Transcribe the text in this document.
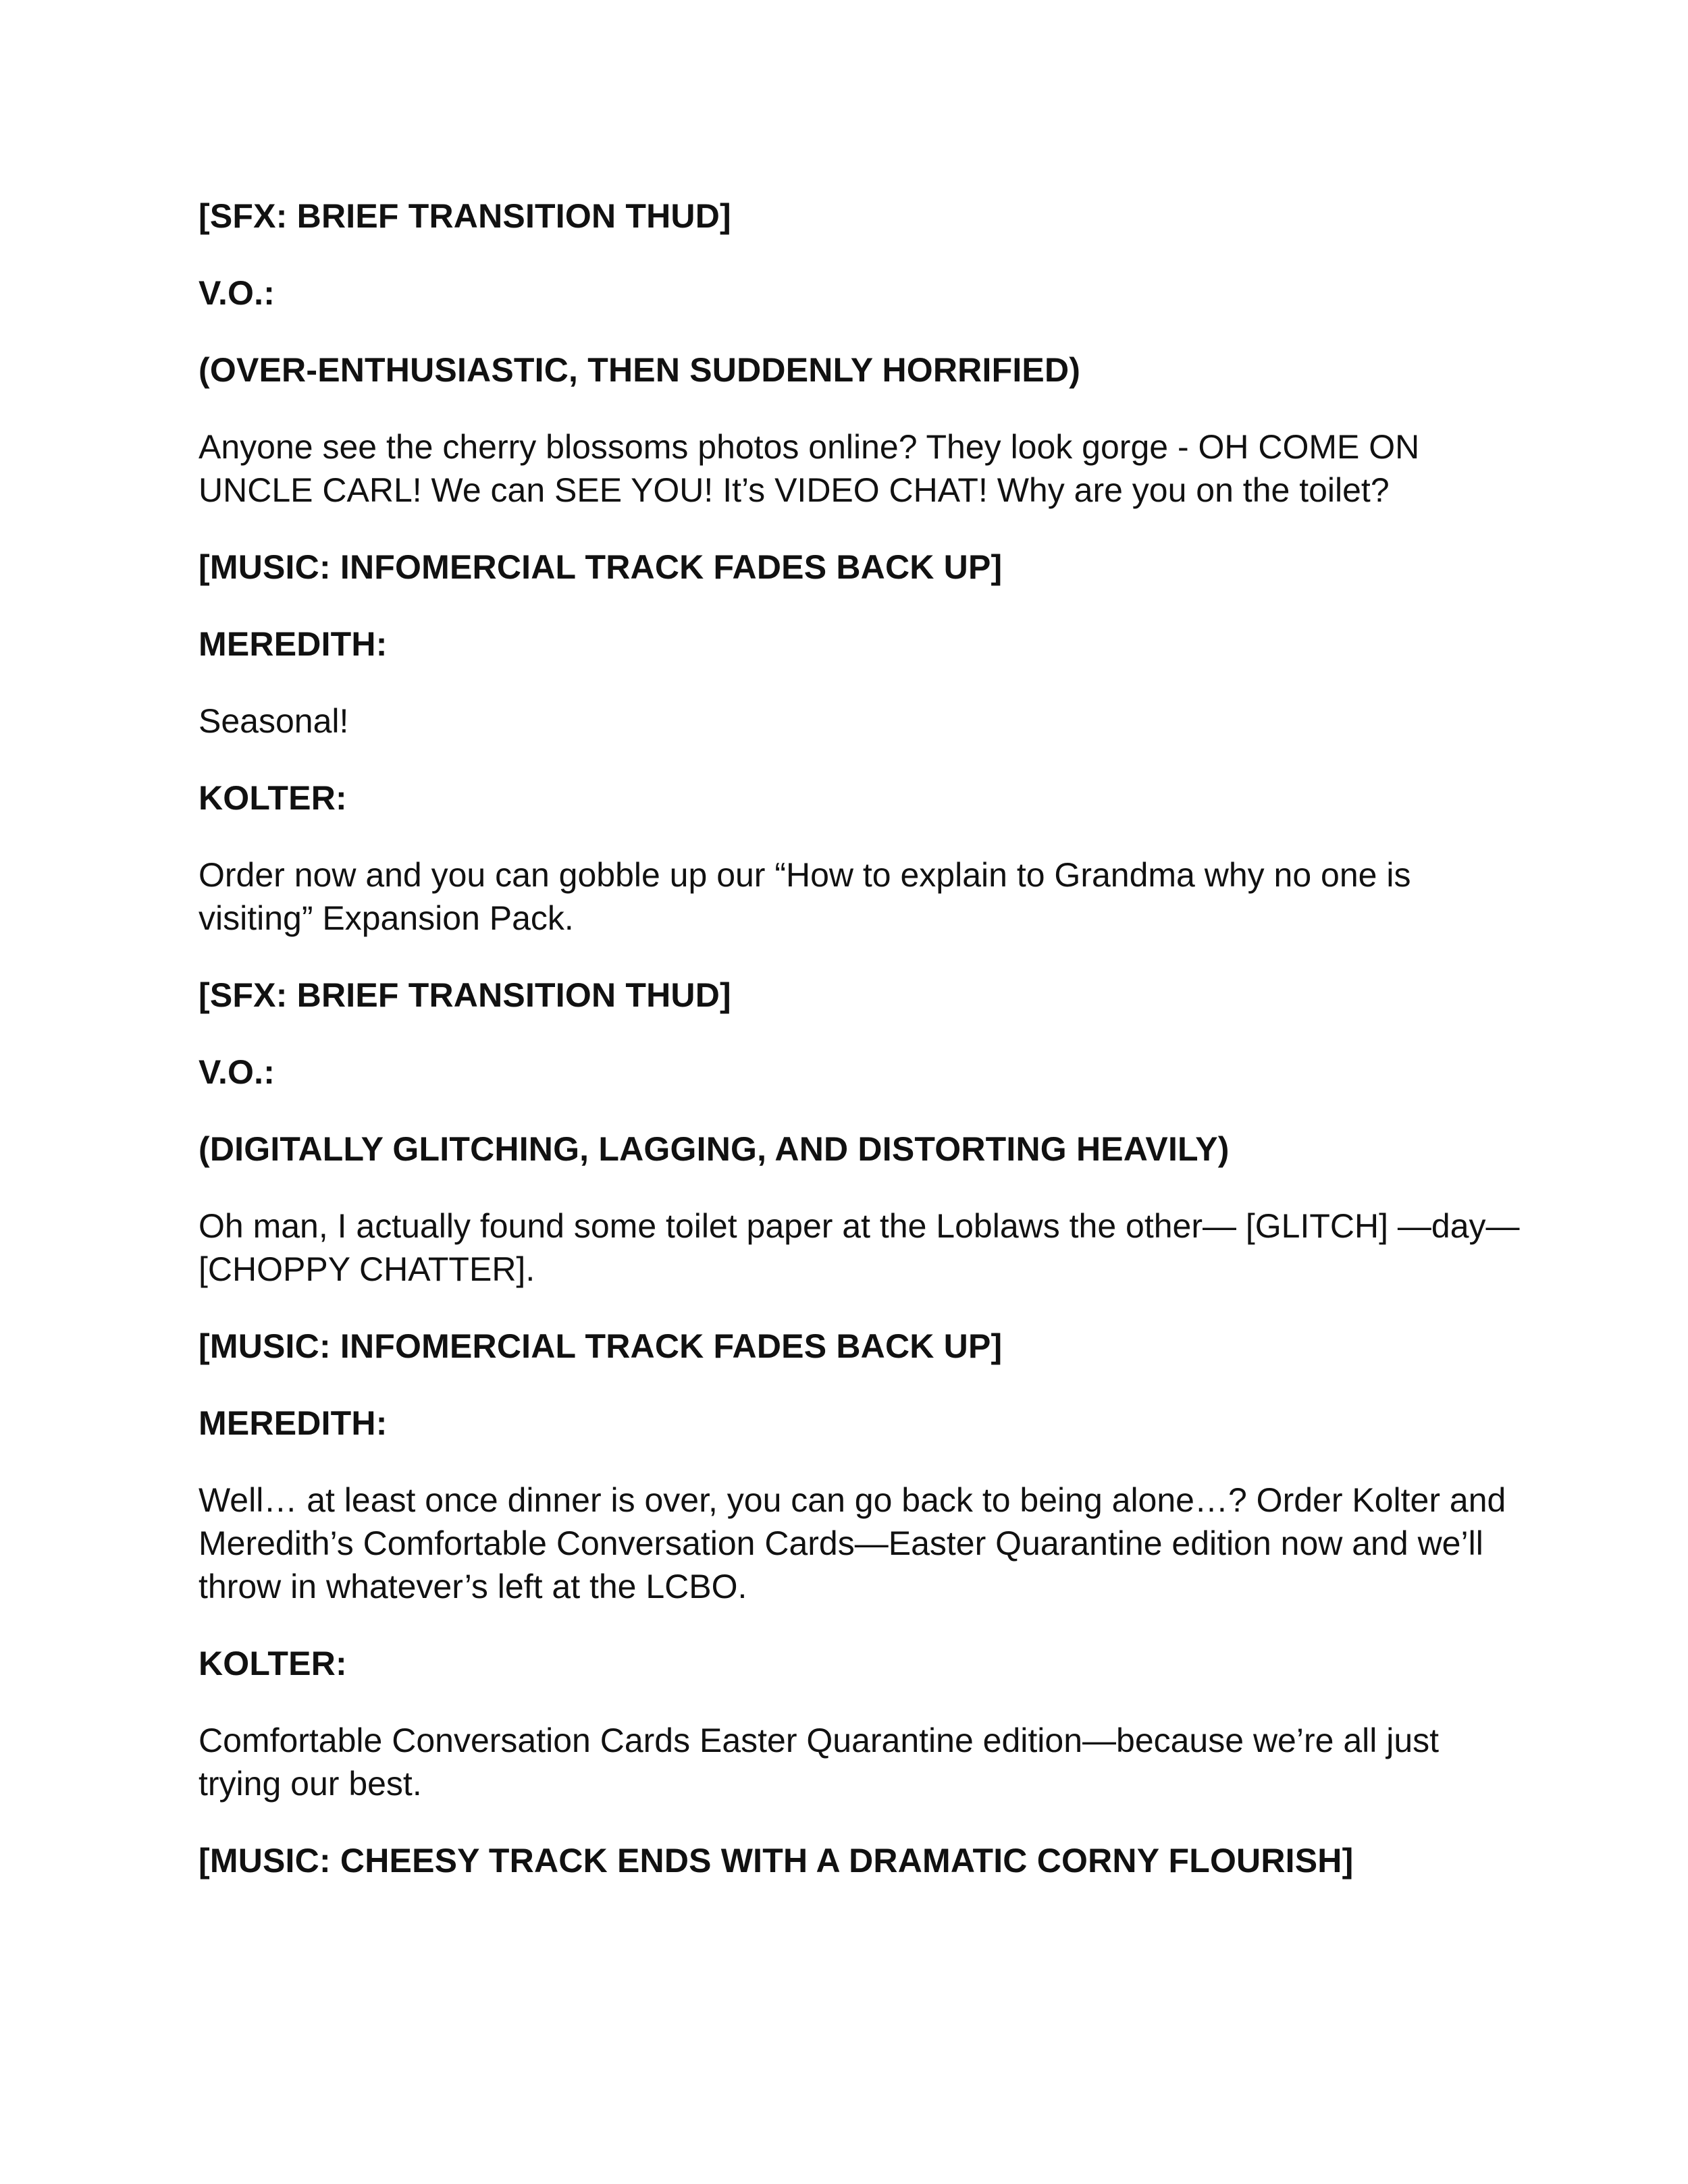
[SFX: BRIEF TRANSITION THUD]

V.O.:

(OVER-ENTHUSIASTIC, THEN SUDDENLY HORRIFIED)

Anyone see the cherry blossoms photos online? They look gorge - OH COME ON UNCLE CARL! We can SEE YOU! It’s VIDEO CHAT! Why are you on the toilet?

[MUSIC: INFOMERCIAL TRACK FADES BACK UP]

MEREDITH:

Seasonal!

KOLTER:

Order now and you can gobble up our “How to explain to Grandma why no one is visiting” Expansion Pack.

[SFX: BRIEF TRANSITION THUD]

V.O.:

(DIGITALLY GLITCHING, LAGGING, AND DISTORTING HEAVILY)

Oh man, I actually found some toilet paper at the Loblaws the other— [GLITCH] —day— [CHOPPY CHATTER].

[MUSIC: INFOMERCIAL TRACK FADES BACK UP]

MEREDITH:

Well… at least once dinner is over, you can go back to being alone…? Order Kolter and Meredith’s Comfortable Conversation Cards—Easter Quarantine edition now and we’ll throw in whatever’s left at the LCBO.

KOLTER:

Comfortable Conversation Cards Easter Quarantine edition—because we’re all just trying our best.

[MUSIC: CHEESY TRACK ENDS WITH A DRAMATIC CORNY FLOURISH]
